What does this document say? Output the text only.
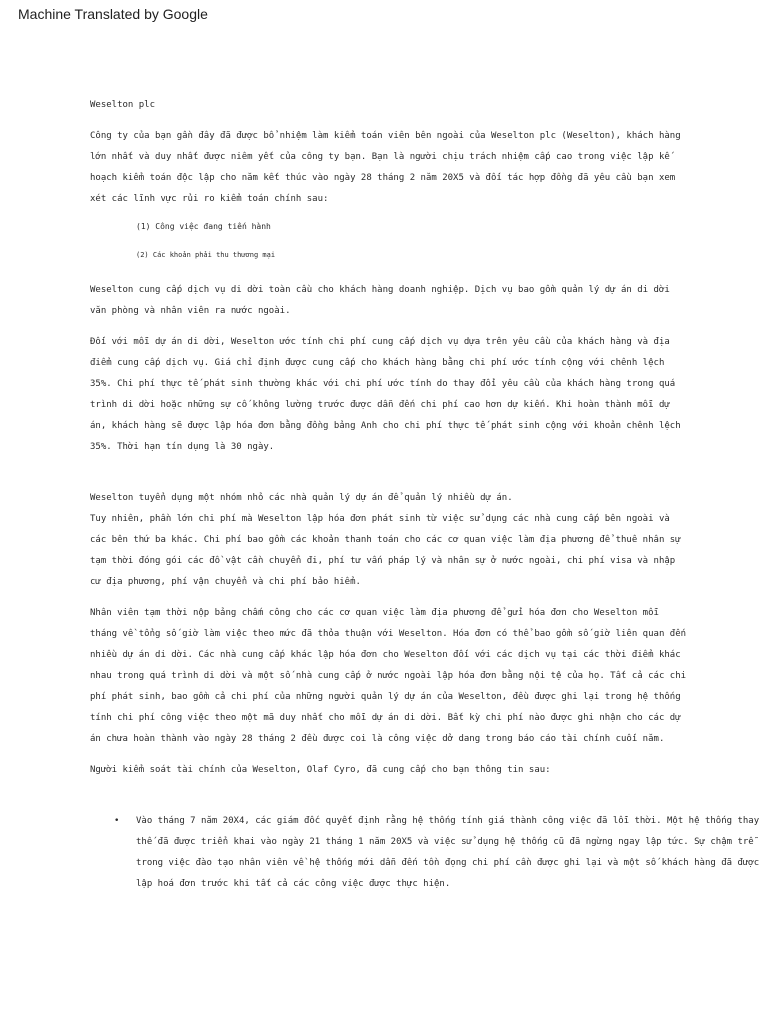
Machine Translated by Google

Weselton plc

Công ty của bạn gần đây đã được bổ nhiệm làm kiểm toán viên bên ngoài của Weselton plc (Weselton), khách hàng lớn nhất và duy nhất được niêm yết của công ty bạn. Bạn là người chịu trách nhiệm cấp cao trong việc lập kế hoạch kiểm toán độc lập cho năm kết thúc vào ngày 28 tháng 2 năm 20X5 và đối tác hợp đồng đã yêu cầu bạn xem xét các lĩnh vực rủi ro kiểm toán chính sau:

(1) Công việc đang tiến hành

(2) Các khoản phải thu thương mại

Weselton cung cấp dịch vụ di dời toàn cầu cho khách hàng doanh nghiệp. Dịch vụ bao gồm quản lý dự án di dời văn phòng và nhân viên ra nước ngoài.

Đối với mỗi dự án di dời, Weselton ước tính chi phí cung cấp dịch vụ dựa trên yêu cầu của khách hàng và địa điểm cung cấp dịch vụ. Giá chỉ định được cung cấp cho khách hàng bằng chi phí ước tính cộng với chênh lệch 35%. Chi phí thực tế phát sinh thường khác với chi phí ước tính do thay đổi yêu cầu của khách hàng trong quá trình di dời hoặc những sự cố không lường trước được dẫn đến chi phí cao hơn dự kiến. Khi hoàn thành mỗi dự án, khách hàng sẽ được lập hóa đơn bằng đồng bảng Anh cho chi phí thực tế phát sinh cộng với khoản chênh lệch 35%. Thời hạn tín dụng là 30 ngày.

Weselton tuyển dụng một nhóm nhỏ các nhà quản lý dự án để quản lý nhiều dự án.

Tuy nhiên, phần lớn chi phí mà Weselton lập hóa đơn phát sinh từ việc sử dụng các nhà cung cấp bên ngoài và các bên thứ ba khác. Chi phí bao gồm các khoản thanh toán cho các cơ quan việc làm địa phương để thuê nhân sự tạm thời đóng gói các đồ vật cần chuyển đi, phí tư vấn pháp lý và nhân sự ở nước ngoài, chi phí visa và nhập cư địa phương, phí vận chuyển và chi phí bảo hiểm.

Nhân viên tạm thời nộp bảng chấm công cho các cơ quan việc làm địa phương để gửi hóa đơn cho Weselton mỗi tháng về tổng số giờ làm việc theo mức đã thỏa thuận với Weselton. Hóa đơn có thể bao gồm số giờ liên quan đến nhiều dự án di dời. Các nhà cung cấp khác lập hóa đơn cho Weselton đối với các dịch vụ tại các thời điểm khác nhau trong quá trình di dời và một số nhà cung cấp ở nước ngoài lập hóa đơn bằng nội tệ của họ. Tất cả các chi phí phát sinh, bao gồm cả chi phí của những người quản lý dự án của Weselton, đều được ghi lại trong hệ thống tính chi phí công việc theo một mã duy nhất cho mỗi dự án di dời. Bất kỳ chi phí nào được ghi nhận cho các dự án chưa hoàn thành vào ngày 28 tháng 2 đều được coi là công việc dở dang trong báo cáo tài chính cuối năm.

Người kiểm soát tài chính của Weselton, Olaf Cyro, đã cung cấp cho bạn thông tin sau:

• Vào tháng 7 năm 20X4, các giám đốc quyết định rằng hệ thống tính giá thành công việc đã lỗi thời. Một hệ thống thay thế đã được triển khai vào ngày 21 tháng 1 năm 20X5 và việc sử dụng hệ thống cũ đã ngừng ngay lập tức. Sự chậm trễ trong việc đào tạo nhân viên về hệ thống mới dẫn đến tồn đọng chi phí cần được ghi lại và một số khách hàng đã được lập hoá đơn trước khi tất cả các công việc được thực hiện.
